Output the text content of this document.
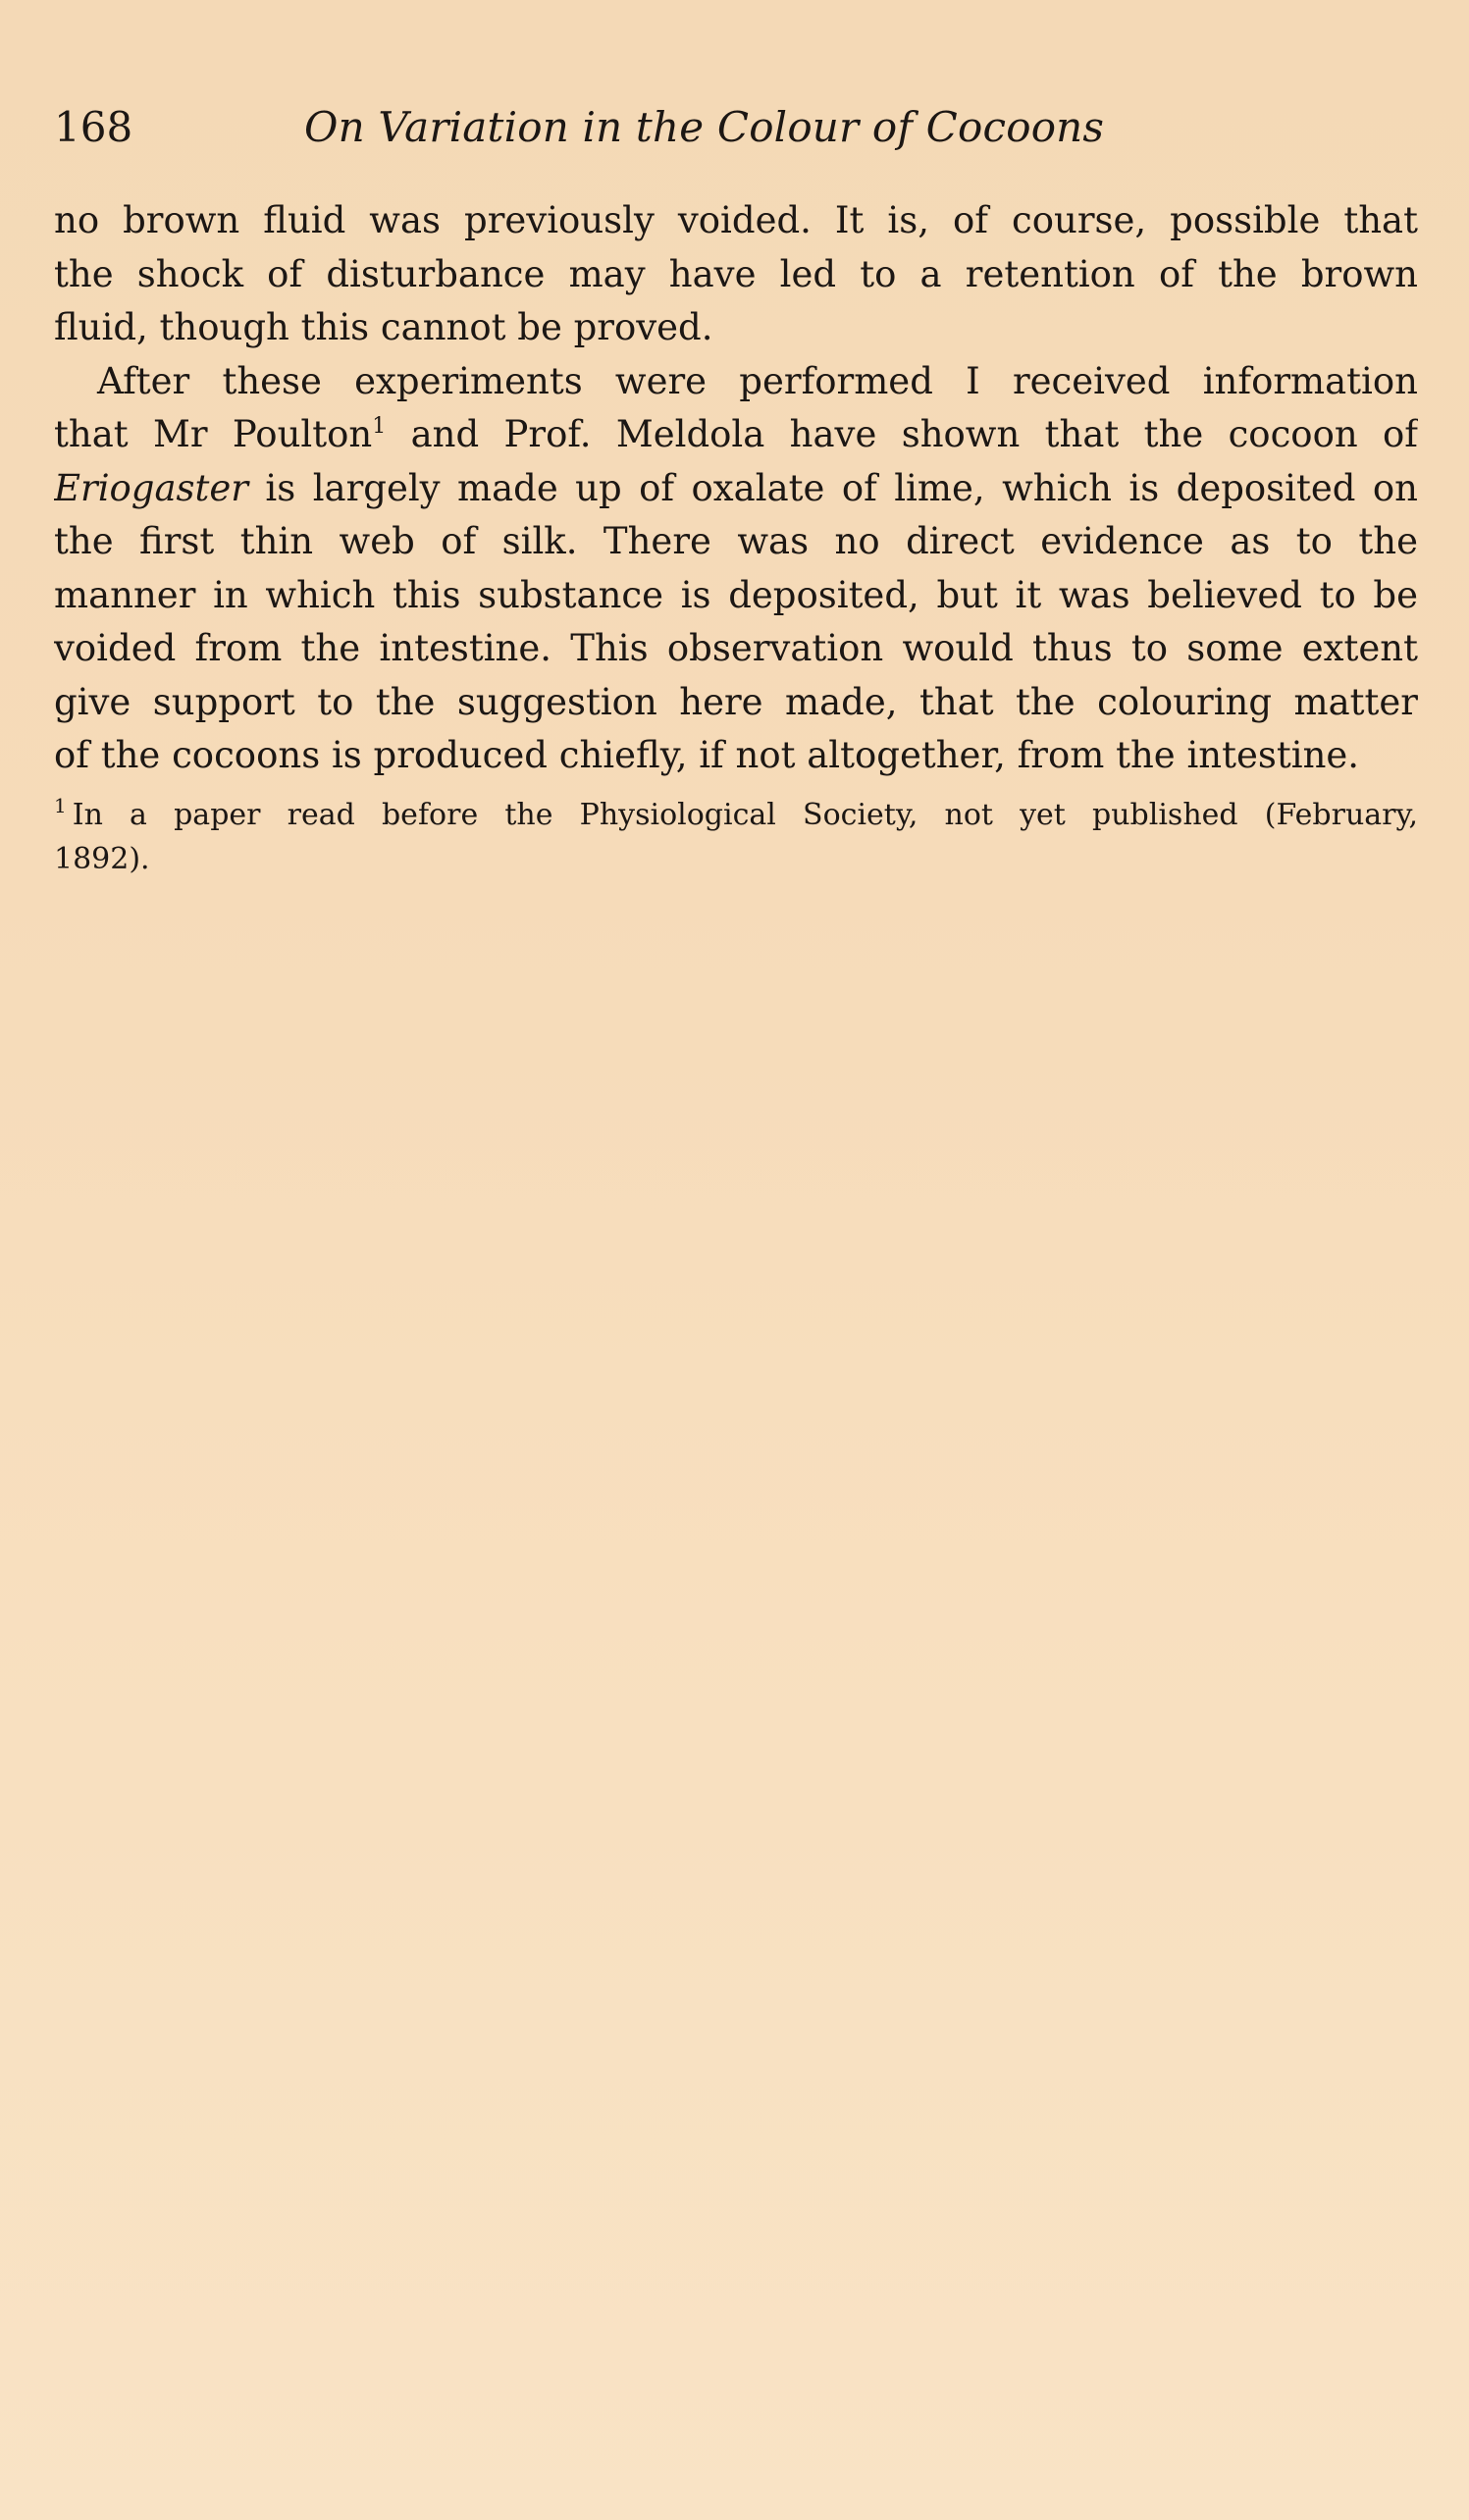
168	On Variation in the Colour of Cocoons
no brown fluid was previously voided. It is, of course, possible that
the shock of disturbance may have led to a retention of the brown
fluid, though this cannot be proved.
After these experiments were performed I received information
that Mr Poulton$^1$ and Prof. Meldola have shown that the cocoon of
Eriogaster is largely made up of oxalate of lime, which is deposited on
the first thin web of silk. There was no direct evidence as to the
manner in which this substance is deposited, but it was believed to be
voided from the intestine. This observation would thus to some extent
give support to the suggestion here made, that the colouring matter
of the cocoons is produced chiefly, if not altogether, from the intestine.
$^1$ In a paper read before the Physiological Society, not yet published (February,
1892).
